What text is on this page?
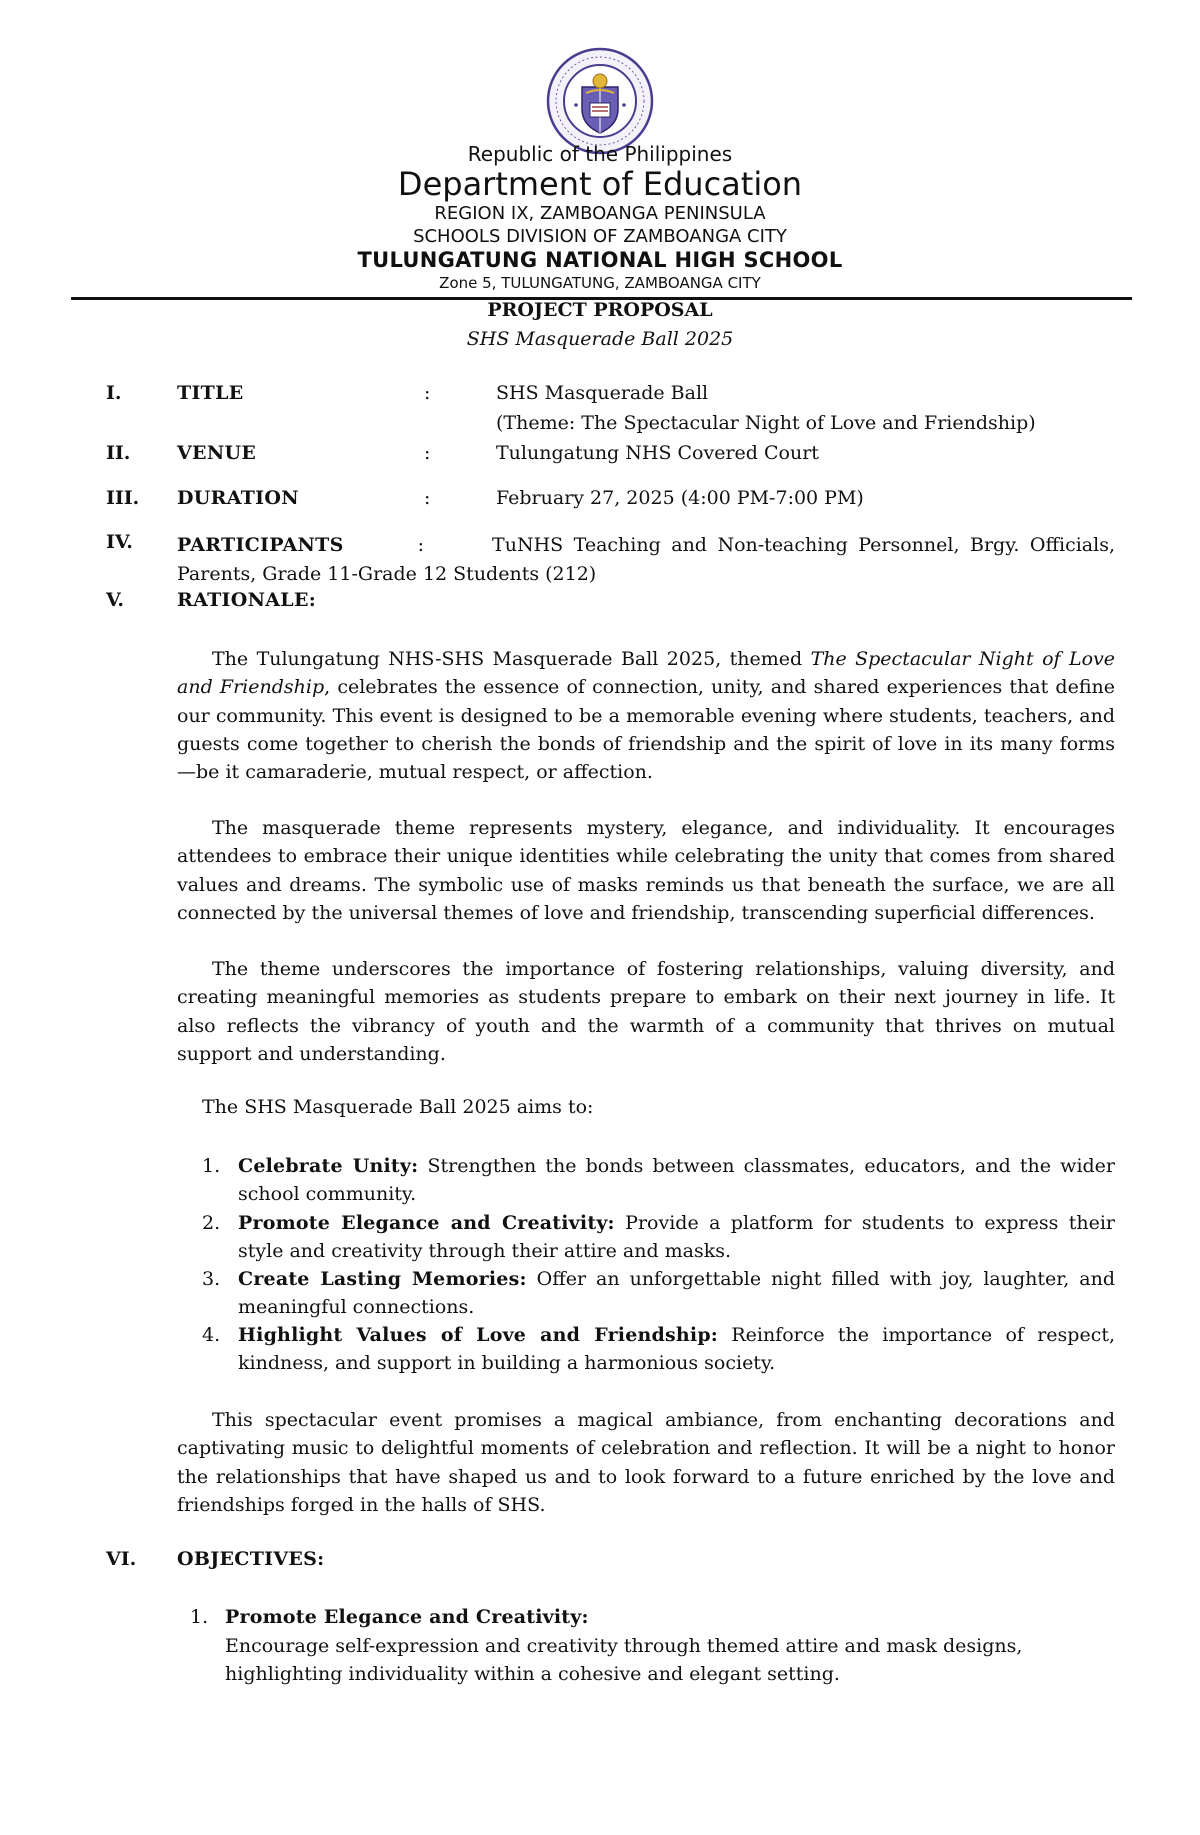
Republic of the Philippines
Department of Education
REGION IX, ZAMBOANGA PENINSULA
SCHOOLS DIVISION OF ZAMBOANGA CITY
TULUNGATUNG NATIONAL HIGH SCHOOL
Zone 5, TULUNGATUNG, ZAMBOANGA CITY
PROJECT PROPOSAL
SHS Masquerade Ball 2025
I.	TITLE	:	SHS Masquerade Ball
(Theme: The Spectacular Night of Love and Friendship)
II. VENUE	:	Tulungatung NHS Covered Court
III. DURATION	:	February 27, 2025 (4:00 PM-7:00 PM)
IV. PARTICIPANTS	:	TuNHS Teaching and Non-teaching Personnel, Brgy. Officials, Parents, Grade 11-Grade 12 Students (212)
V.	RATIONALE:

The Tulungatung NHS-SHS Masquerade Ball 2025, themed The Spectacular Night of Love and Friendship, celebrates the essence of connection, unity, and shared experiences that define our community. This event is designed to be a memorable evening where students, teachers, and guests come together to cherish the bonds of friendship and the spirit of love in its many forms—be it camaraderie, mutual respect, or affection.

The masquerade theme represents mystery, elegance, and individuality. It encourages attendees to embrace their unique identities while celebrating the unity that comes from shared values and dreams. The symbolic use of masks reminds us that beneath the surface, we are all connected by the universal themes of love and friendship, transcending superficial differences.

The theme underscores the importance of fostering relationships, valuing diversity, and creating meaningful memories as students prepare to embark on their next journey in life. It also reflects the vibrancy of youth and the warmth of a community that thrives on mutual support and understanding.

The SHS Masquerade Ball 2025 aims to:
1. Celebrate Unity: Strengthen the bonds between classmates, educators, and the wider school community.
2. Promote Elegance and Creativity: Provide a platform for students to express their style and creativity through their attire and masks.
3. Create Lasting Memories: Offer an unforgettable night filled with joy, laughter, and meaningful connections.
4. Highlight Values of Love and Friendship: Reinforce the importance of respect, kindness, and support in building a harmonious society.

This spectacular event promises a magical ambiance, from enchanting decorations and captivating music to delightful moments of celebration and reflection. It will be a night to honor the relationships that have shaped us and to look forward to a future enriched by the love and friendships forged in the halls of SHS.

VI. OBJECTIVES:
1. Promote Elegance and Creativity:
Encourage self-expression and creativity through themed attire and mask designs, highlighting individuality within a cohesive and elegant setting.
